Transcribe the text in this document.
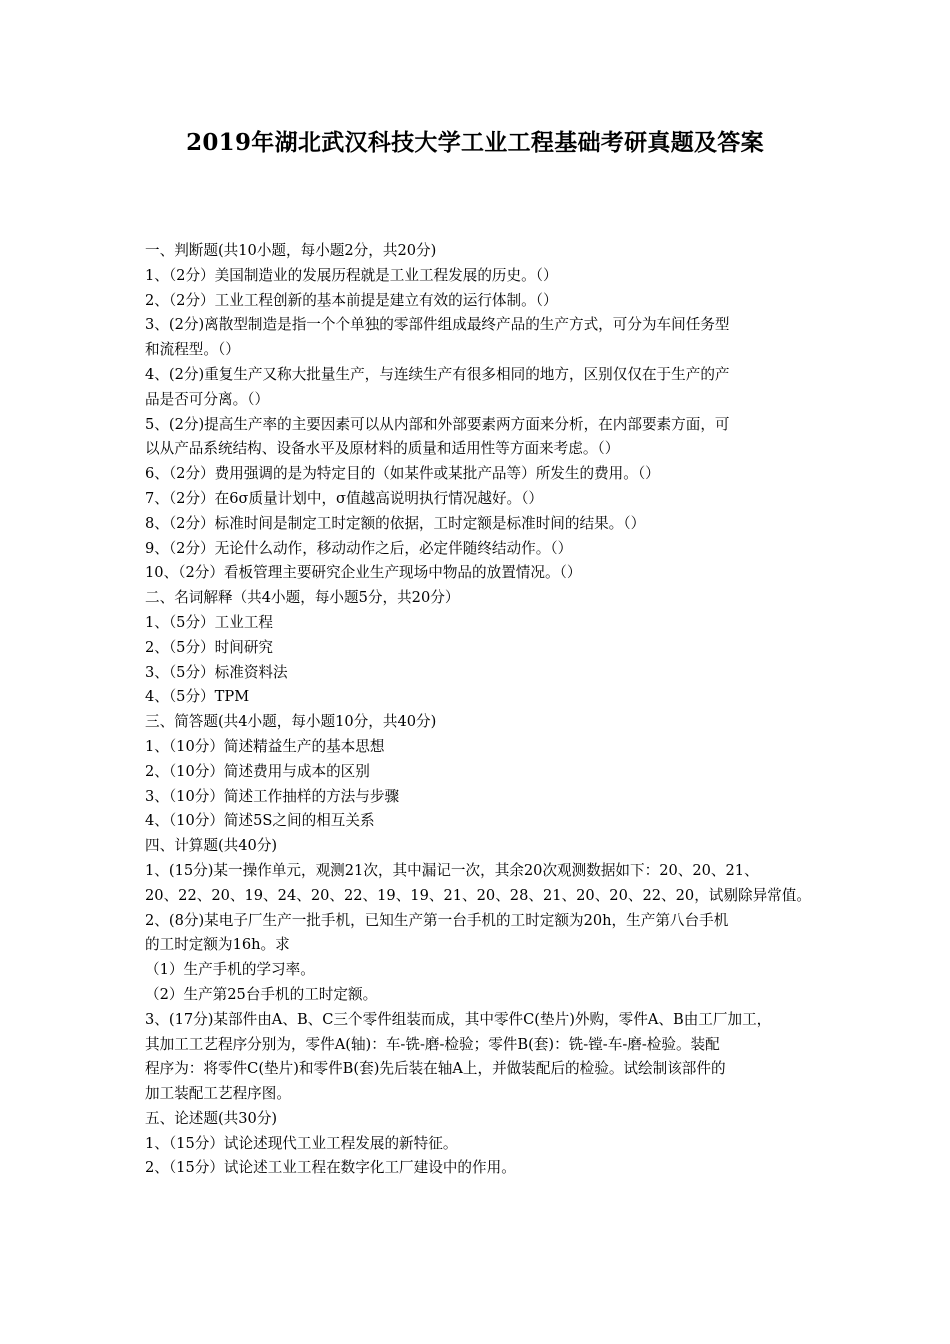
2019年湖北武汉科技大学工业工程基础考研真题及答案
一、判断题(共10小题，每小题2分，共20分)
1、（2分）美国制造业的发展历程就是工业工程发展的历史。（）
2、（2分）工业工程创新的基本前提是建立有效的运行体制。（）
3、(2分)离散型制造是指一个个单独的零部件组成最终产品的生产方式，可分为车间任务型
和流程型。（）
4、(2分)重复生产又称大批量生产，与连续生产有很多相同的地方，区别仅仅在于生产的产
品是否可分离。（）
5、(2分)提高生产率的主要因素可以从内部和外部要素两方面来分析，在内部要素方面，可
以从产品系统结构、设备水平及原材料的质量和适用性等方面来考虑。（）
6、（2分）费用强调的是为特定目的（如某件或某批产品等）所发生的费用。（）
7、（2分）在6σ质量计划中，σ值越高说明执行情况越好。（）
8、（2分）标准时间是制定工时定额的依据，工时定额是标准时间的结果。（）
9、（2分）无论什么动作，移动动作之后，必定伴随终结动作。（）
10、（2分）看板管理主要研究企业生产现场中物品的放置情况。（）
二、名词解释（共4小题，每小题5分，共20分）
1、（5分）工业工程
2、（5分）时间研究
3、（5分）标准资料法
4、（5分）TPM
三、简答题(共4小题，每小题10分，共40分)
1、（10分）简述精益生产的基本思想
2、（10分）简述费用与成本的区别
3、（10分）简述工作抽样的方法与步骤
4、（10分）简述5S之间的相互关系
四、计算题(共40分)
1、(15分)某一操作单元，观测21次，其中漏记一次，其余20次观测数据如下：20、20、21、
20、22、20、19、24、20、22、19、19、21、20、28、21、20、20、22、20，试剔除异常值。
2、(8分)某电子厂生产一批手机，已知生产第一台手机的工时定额为20h，生产第八台手机
的工时定额为16h。求
（1）生产手机的学习率。
（2）生产第25台手机的工时定额。
3、(17分)某部件由A、B、C三个零件组装而成，其中零件C(垫片)外购，零件A、B由工厂加工，
其加工工艺程序分别为，零件A(轴)：车-铣-磨-检验；零件B(套)：铣-镗-车-磨-检验。装配
程序为：将零件C(垫片)和零件B(套)先后装在轴A上，并做装配后的检验。试绘制该部件的
加工装配工艺程序图。
五、论述题(共30分)
1、（15分）试论述现代工业工程发展的新特征。
2、（15分）试论述工业工程在数字化工厂建设中的作用。
